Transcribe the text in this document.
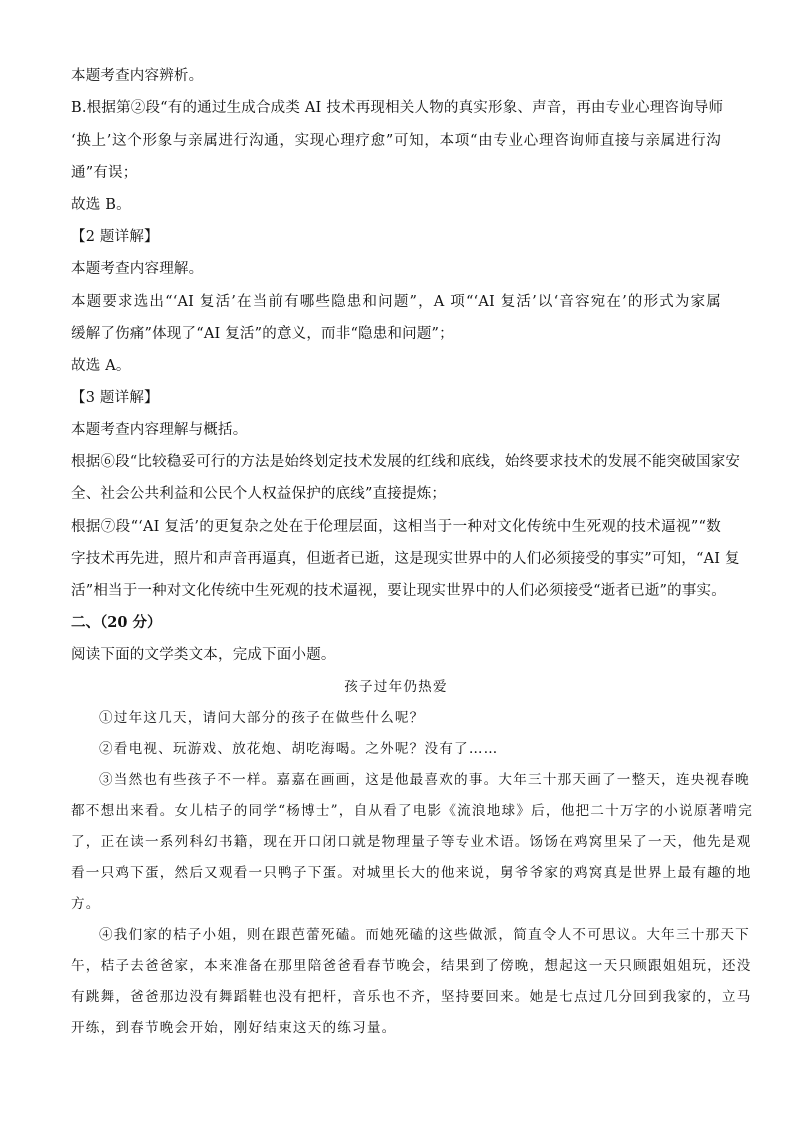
本题考查内容辨析。
B.根据第②段“有的通过生成合成类 AI 技术再现相关人物的真实形象、声音，再由专业心理咨询导师
‘换上’这个形象与亲属进行沟通，实现心理疗愈”可知，本项“由专业心理咨询师直接与亲属进行沟
通”有误；
故选 B。
【2 题详解】
本题考查内容理解。
本题要求选出“‘AI 复活’在当前有哪些隐患和问题”，A 项“‘AI 复活’以‘音容宛在’的形式为家属
缓解了伤痛”体现了“AI 复活”的意义，而非“隐患和问题”；
故选 A。
【3 题详解】
本题考查内容理解与概括。
根据⑥段“比较稳妥可行的方法是始终划定技术发展的红线和底线，始终要求技术的发展不能突破国家安
全、社会公共利益和公民个人权益保护的底线”直接提炼；
根据⑦段“‘AI 复活’的更复杂之处在于伦理层面，这相当于一种对文化传统中生死观的技术逼视”“数
字技术再先进，照片和声音再逼真，但逝者已逝，这是现实世界中的人们必须接受的事实”可知，“AI 复
活”相当于一种对文化传统中生死观的技术逼视，要让现实世界中的人们必须接受“逝者已逝”的事实。
二、（20 分）
阅读下面的文学类文本，完成下面小题。
孩子过年仍热爱
①过年这几天，请问大部分的孩子在做些什么呢？
②看电视、玩游戏、放花炮、胡吃海喝。之外呢？没有了……
③当然也有些孩子不一样。嘉嘉在画画，这是他最喜欢的事。大年三十那天画了一整天，连央视春晚
都不想出来看。女儿桔子的同学“杨博士”，自从看了电影《流浪地球》后，他把二十万字的小说原著啃完
了，正在读一系列科幻书籍，现在开口闭口就是物理量子等专业术语。饧饧在鸡窝里呆了一天，他先是观
看一只鸡下蛋，然后又观看一只鸭子下蛋。对城里长大的他来说，舅爷爷家的鸡窝真是世界上最有趣的地
方。
④我们家的桔子小姐，则在跟芭蕾死磕。而她死磕的这些做派，简直令人不可思议。大年三十那天下
午，桔子去爸爸家，本来准备在那里陪爸爸看春节晚会，结果到了傍晚，想起这一天只顾跟姐姐玩，还没
有跳舞，爸爸那边没有舞蹈鞋也没有把杆，音乐也不齐，坚持要回来。她是七点过几分回到我家的，立马
开练，到春节晚会开始，刚好结束这天的练习量。
